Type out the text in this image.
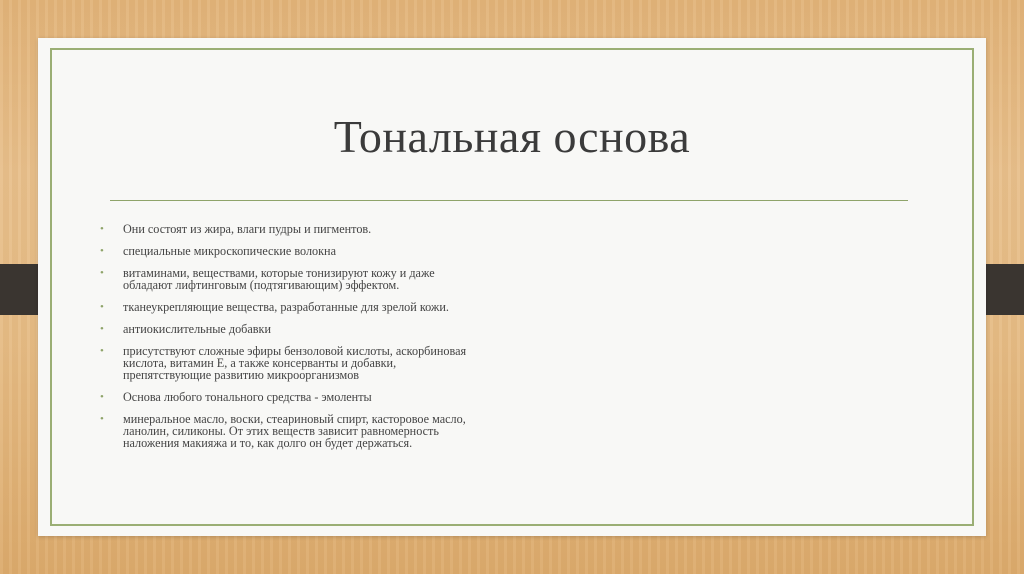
Тональная основа
• Они состоят из жира, влаги пудры и пигментов.
• специальные микроскопические волокна
• витаминами, веществами, которые тонизируют кожу и даже обладают лифтинговым (подтягивающим) эффектом.
• тканеукрепляющие вещества, разработанные для зрелой кожи.
• антиокислительные добавки
• присутствуют сложные эфиры бензоловой кислоты, аскорбиновая кислота, витамин Е, а также консерванты и добавки, препятствующие развитию микроорганизмов
• Основа любого тонального средства - эмоленты
• минеральное масло, воски, стеариновый спирт, касторовое масло, ланолин, силиконы. От этих веществ зависит равномерность наложения макияжа и то, как долго он будет держаться.
